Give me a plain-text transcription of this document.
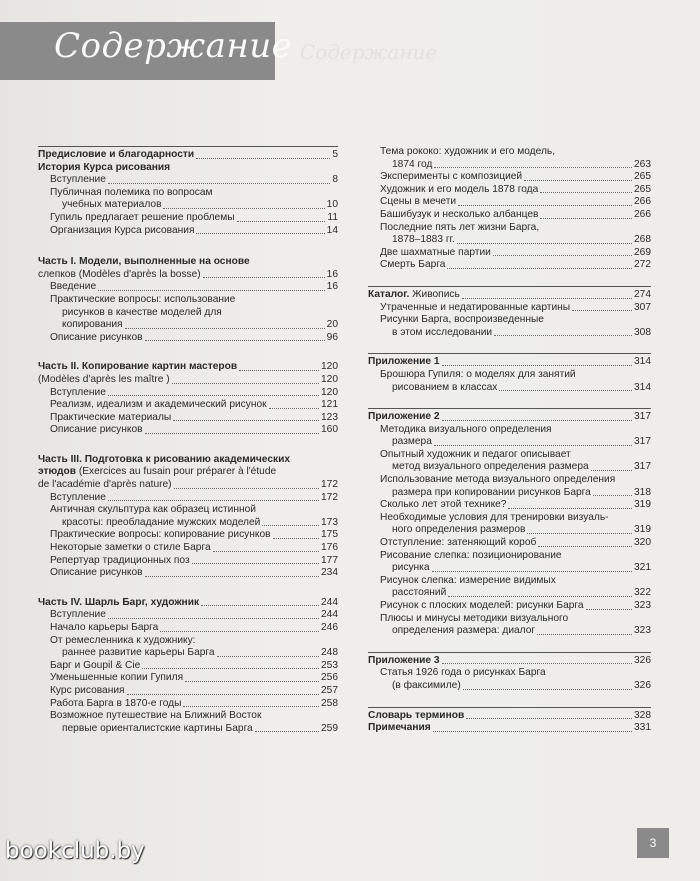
Содержание Содержание
Предисловие и благодарности	5
История Курса рисования
Вступление	8
Публичная полемика по вопросам
учебных материалов	10
Гупиль предлагает решение проблемы	11
Организация Курса рисования	14
Часть I. Модели, выполненные на основе
слепков (Modèles d'après la bosse)	16
Введение	16
Практические вопросы: использование
рисунков в качестве моделей для
копирования	20
Описание рисунков	96
Часть II. Копирование картин мастеров	120
(Modèles d'après les maître )	120
Вступление	120
Реализм, идеализм и академический рисунок	121
Практические материалы	123
Описание рисунков	160
Часть III. Подготовка к рисованию академических
этюдов (Exercices au fusain pour préparer à l'étude
de l'académie d'après nature)	172
Вступление	172
Античная скульптура как образец истинной
красоты: преобладание мужских моделей	173
Практические вопросы: копирование рисунков	175
Некоторые заметки о стиле Барга	176
Репертуар традиционных поз	177
Описание рисунков	234
Часть IV. Шарль Барг, художник	244
Вступление	244
Начало карьеры Барга	246
От ремесленника к художнику:
раннее развитие карьеры Барга	248
Барг и Goupil & Cie	253
Уменьшенные копии Гупиля	256
Курс рисования	257
Работа Барга в 1870-е годы	258
Возможное путешествие на Ближний Восток
первые ориенталистские картины Барга	259
Тема рококо: художник и его модель,
1874 год	263
Эксперименты с композицией	265
Художник и его модель 1878 года	265
Сцены в мечети	266
Башибузук и несколько албанцев	266
Последние пять лет жизни Барга,
1878–1883 гг.	268
Две шахматные партии	269
Смерть Барга	272
Каталог. Живопись	274
Утраченные и недатированные картины	307
Рисунки Барга, воспроизведенные
в этом исследовании	308
Приложение 1	314
Брошюра Гупиля: о моделях для занятий
рисованием в классах	314
Приложение 2	317
Методика визуального определения
размера	317
Опытный художник и педагог описывает
метод визуального определения размера	317
Использование метода визуального определения
размера при копировании рисунков Барга	318
Сколько лет этой технике?	319
Необходимые условия для тренировки визуаль-
ного определения размеров	319
Отступление: затеняющий короб	320
Рисование слепка: позиционирование
рисунка	321
Рисунок слепка: измерение видимых
расстояний	322
Рисунок с плоских моделей: рисунки Барга	323
Плюсы и минусы методики визуального
определения размера: диалог	323
Приложение 3	326
Статья 1926 года о рисунках Барга
(в факсимиле)	326
Словарь терминов	328
Примечания	331
bookclub.by	3
